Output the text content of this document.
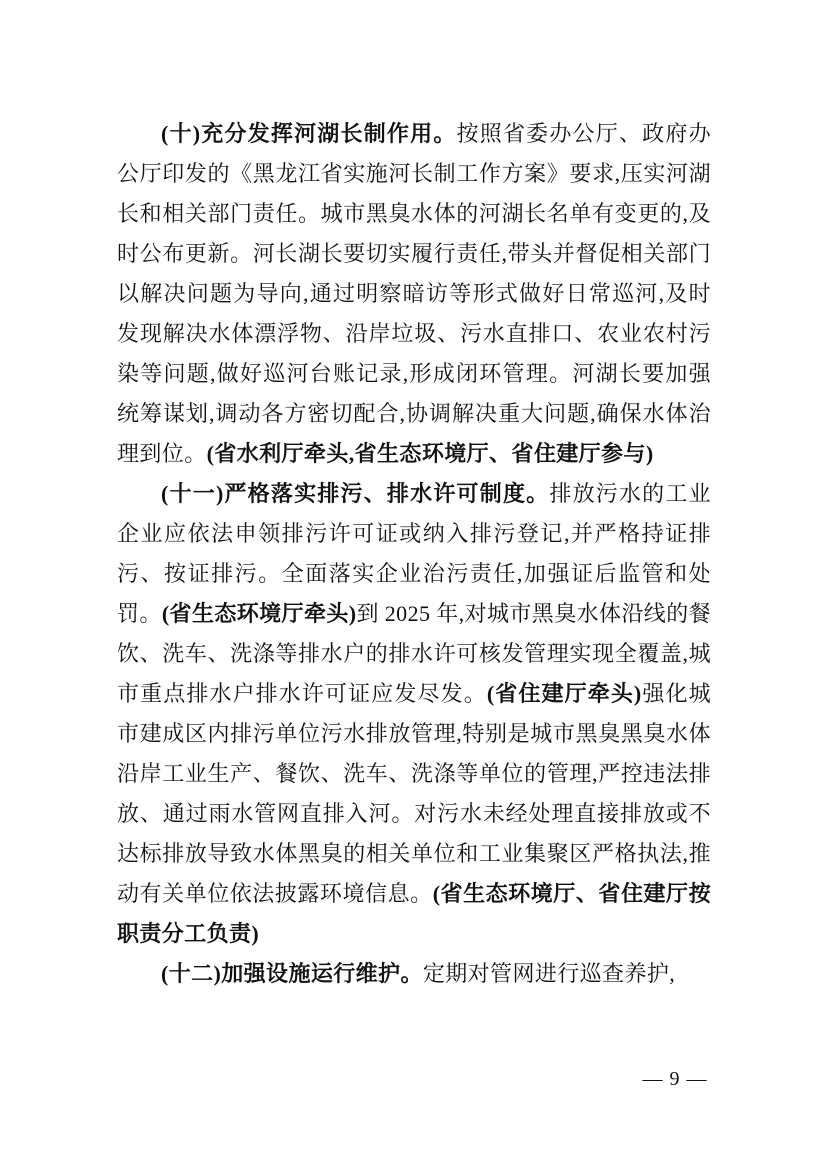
(十)充分发挥河湖长制作用。按照省委办公厅、政府办公厅印发的《黑龙江省实施河长制工作方案》要求,压实河湖长和相关部门责任。城市黑臭水体的河湖长名单有变更的,及时公布更新。河长湖长要切实履行责任,带头并督促相关部门以解决问题为导向,通过明察暗访等形式做好日常巡河,及时发现解决水体漂浮物、沿岸垃圾、污水直排口、农业农村污染等问题,做好巡河台账记录,形成闭环管理。河湖长要加强统筹谋划,调动各方密切配合,协调解决重大问题,确保水体治理到位。(省水利厅牵头,省生态环境厅、省住建厅参与)

(十一)严格落实排污、排水许可制度。排放污水的工业企业应依法申领排污许可证或纳入排污登记,并严格持证排污、按证排污。全面落实企业治污责任,加强证后监管和处罚。(省生态环境厅牵头)到 2025 年,对城市黑臭水体沿线的餐饮、洗车、洗涤等排水户的排水许可核发管理实现全覆盖,城市重点排水户排水许可证应发尽发。(省住建厅牵头)强化城市建成区内排污单位污水排放管理,特别是城市黑臭黑臭水体沿岸工业生产、餐饮、洗车、洗涤等单位的管理,严控违法排放、通过雨水管网直排入河。对污水未经处理直接排放或不达标排放导致水体黑臭的相关单位和工业集聚区严格执法,推动有关单位依法披露环境信息。(省生态环境厅、省住建厅按职责分工负责)

(十二)加强设施运行维护。定期对管网进行巡查养护,

— 9 —
